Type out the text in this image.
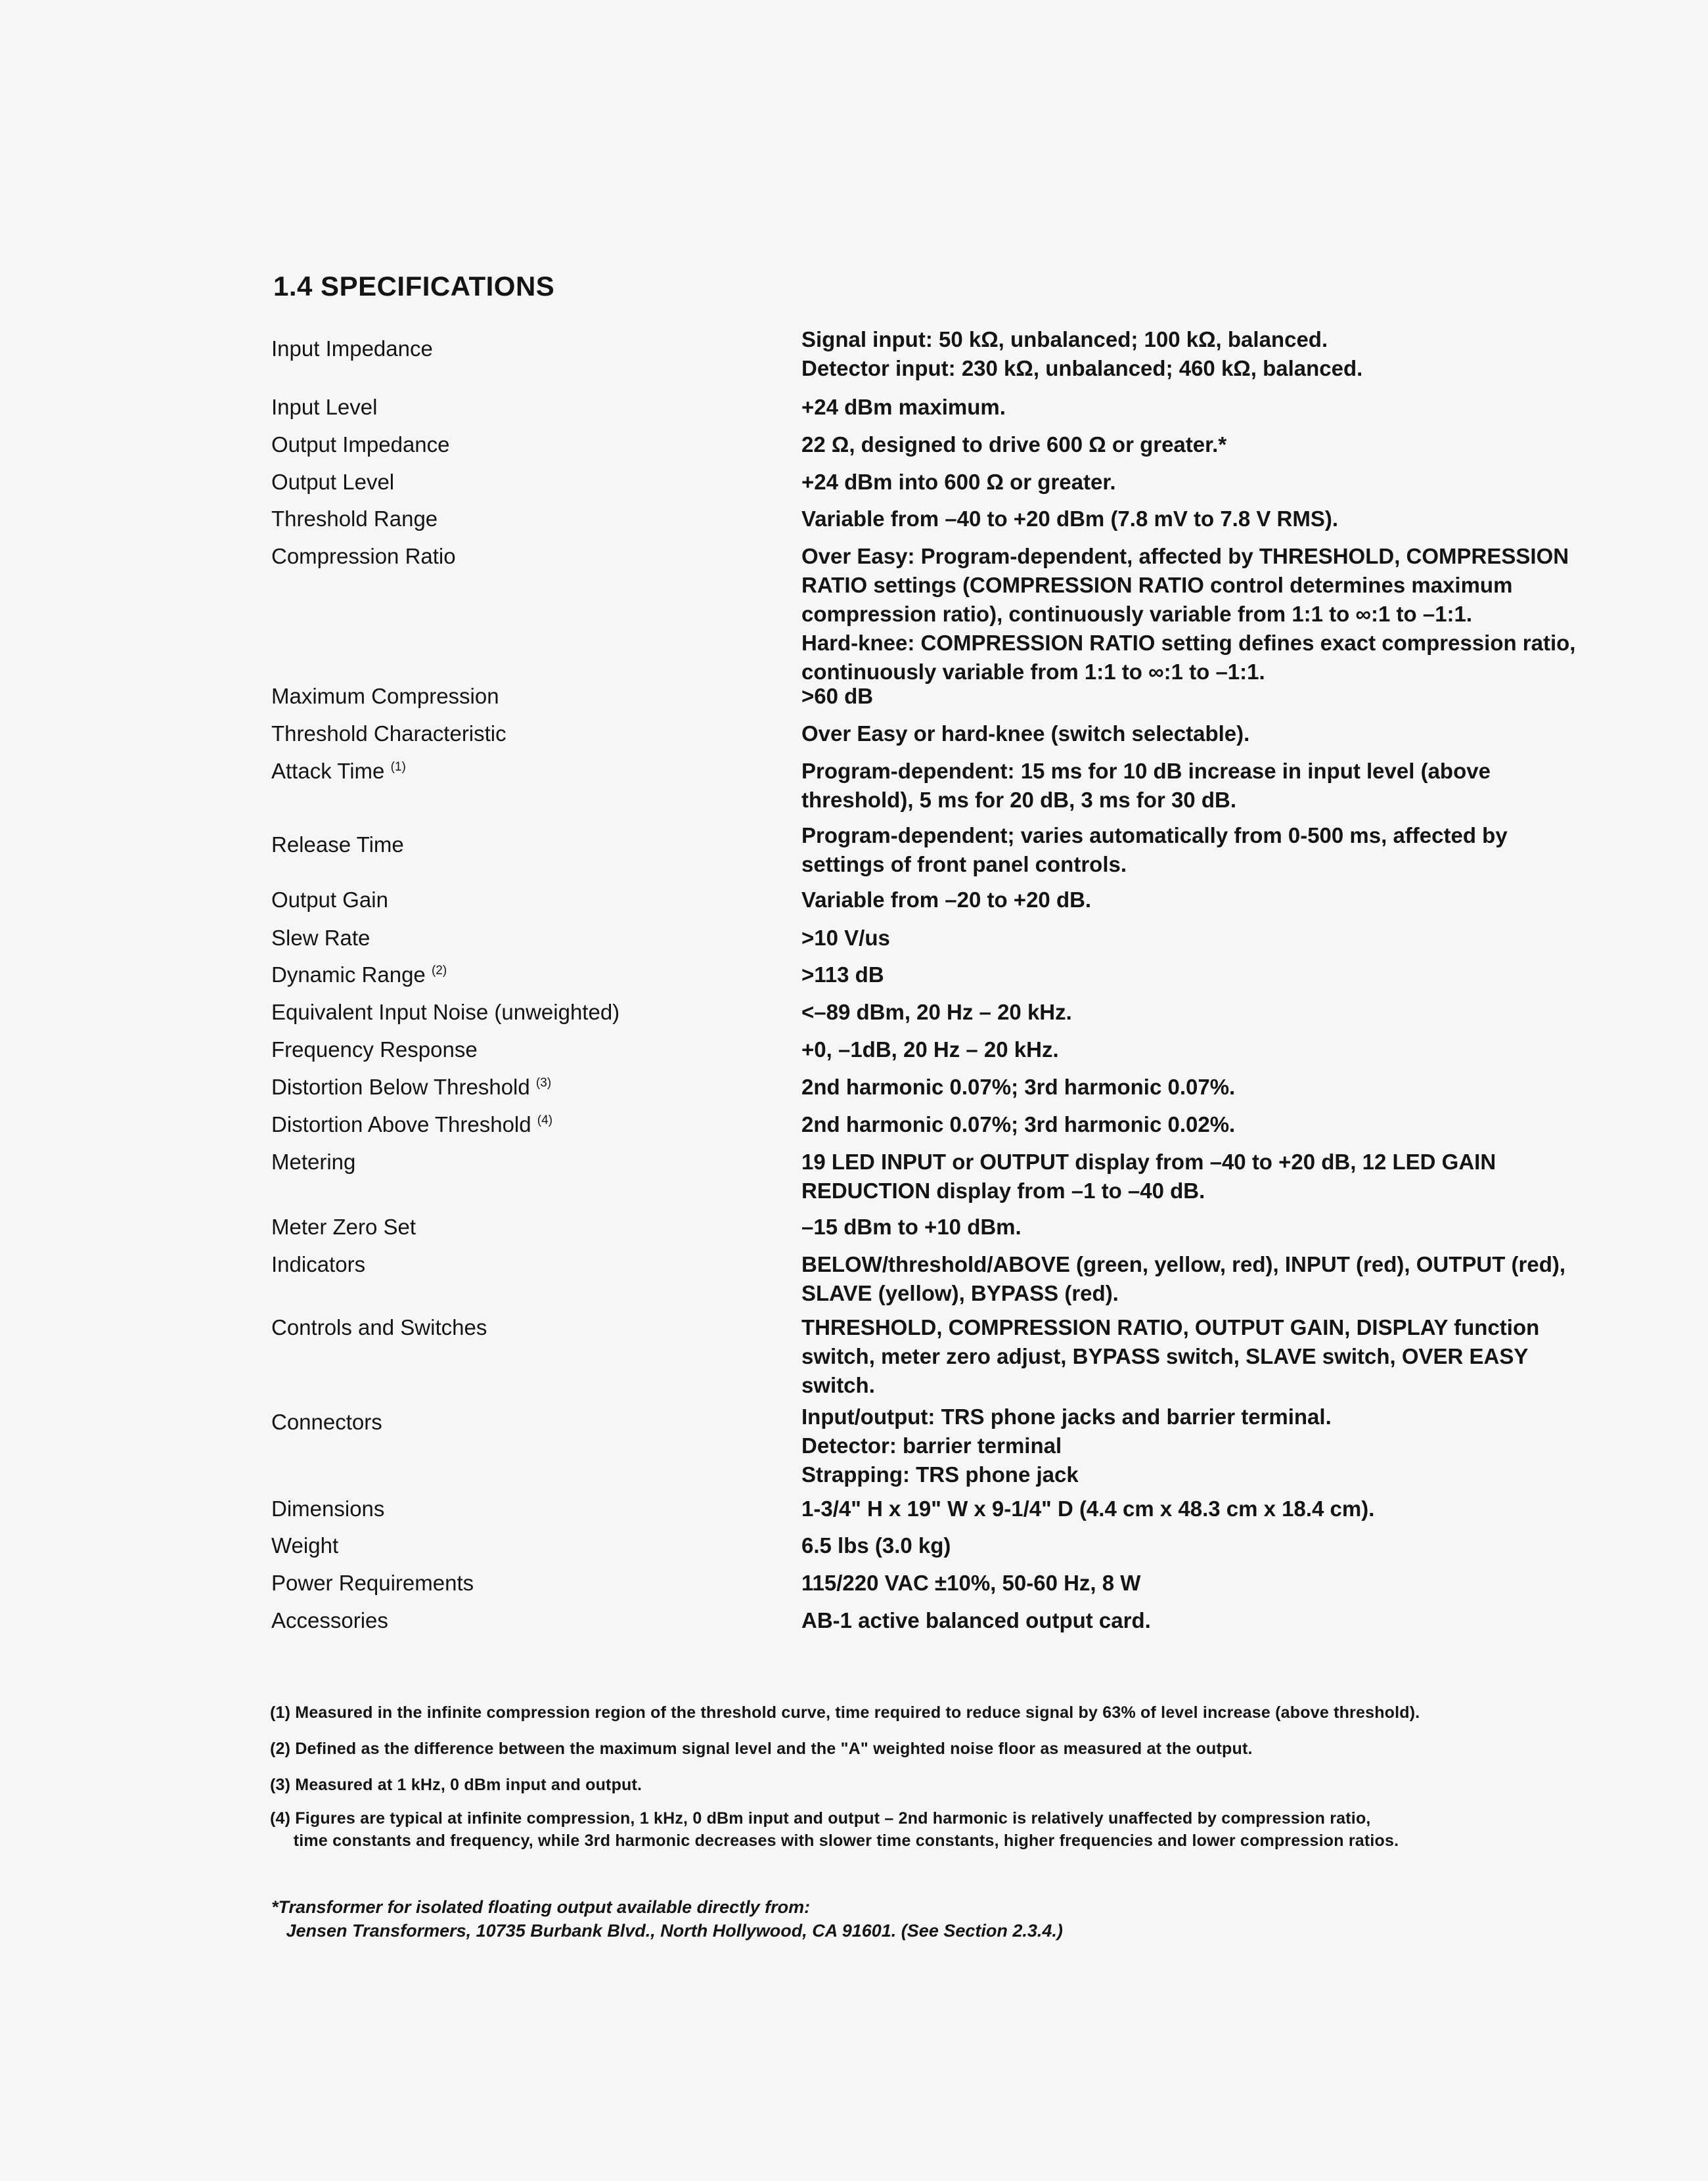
1.4 SPECIFICATIONS
Input Impedance	Signal input: 50 kΩ, unbalanced; 100 kΩ, balanced.
Detector input: 230 kΩ, unbalanced; 460 kΩ, balanced.
Input Level	+24 dBm maximum.
Output Impedance	22 Ω, designed to drive 600 Ω or greater.*
Output Level	+24 dBm into 600 Ω or greater.
Threshold Range	Variable from –40 to +20 dBm (7.8 mV to 7.8 V RMS).
Compression Ratio	Over Easy: Program-dependent, affected by THRESHOLD, COMPRESSION
RATIO settings (COMPRESSION RATIO control determines maximum
compression ratio), continuously variable from 1:1 to ∞:1 to –1:1.
Hard-knee: COMPRESSION RATIO setting defines exact compression ratio,
continuously variable from 1:1 to ∞:1 to –1:1.
Maximum Compression	>60 dB
Threshold Characteristic	Over Easy or hard-knee (switch selectable).
Attack Time $^{(1)}$	Program-dependent: 15 ms for 10 dB increase in input level (above
threshold), 5 ms for 20 dB, 3 ms for 30 dB.
Release Time	Program-dependent; varies automatically from 0-500 ms, affected by
settings of front panel controls.
Output Gain	Variable from –20 to +20 dB.
Slew Rate	>10 V/us
Dynamic Range $^{(2)}$	>113 dB
Equivalent Input Noise (unweighted)	<–89 dBm, 20 Hz – 20 kHz.
Frequency Response	+0, –1dB, 20 Hz – 20 kHz.
Distortion Below Threshold $^{(3)}$	2nd harmonic 0.07%; 3rd harmonic 0.07%.
Distortion Above Threshold $^{(4)}$	2nd harmonic 0.07%; 3rd harmonic 0.02%.
Metering	19 LED INPUT or OUTPUT display from –40 to +20 dB, 12 LED GAIN
REDUCTION display from –1 to –40 dB.
Meter Zero Set	–15 dBm to +10 dBm.
Indicators	BELOW/threshold/ABOVE (green, yellow, red), INPUT (red), OUTPUT (red),
SLAVE (yellow), BYPASS (red).
Controls and Switches	THRESHOLD, COMPRESSION RATIO, OUTPUT GAIN, DISPLAY function
switch, meter zero adjust, BYPASS switch, SLAVE switch, OVER EASY
switch.
Connectors	Input/output: TRS phone jacks and barrier terminal.
Detector: barrier terminal
Strapping: TRS phone jack
Dimensions	1-3/4" H x 19" W x 9-1/4" D (4.4 cm x 48.3 cm x 18.4 cm).
Weight	6.5 lbs (3.0 kg)
Power Requirements	115/220 VAC ±10%, 50-60 Hz, 8 W
Accessories	AB-1 active balanced output card.
(1) Measured in the infinite compression region of the threshold curve, time required to reduce signal by 63% of level increase (above threshold).
(2) Defined as the difference between the maximum signal level and the "A" weighted noise floor as measured at the output.
(3) Measured at 1 kHz, 0 dBm input and output.
(4) Figures are typical at infinite compression, 1 kHz, 0 dBm input and output – 2nd harmonic is relatively unaffected by compression ratio,
time constants and frequency, while 3rd harmonic decreases with slower time constants, higher frequencies and lower compression ratios.
*Transformer for isolated floating output available directly from:
Jensen Transformers, 10735 Burbank Blvd., North Hollywood, CA 91601. (See Section 2.3.4.)
